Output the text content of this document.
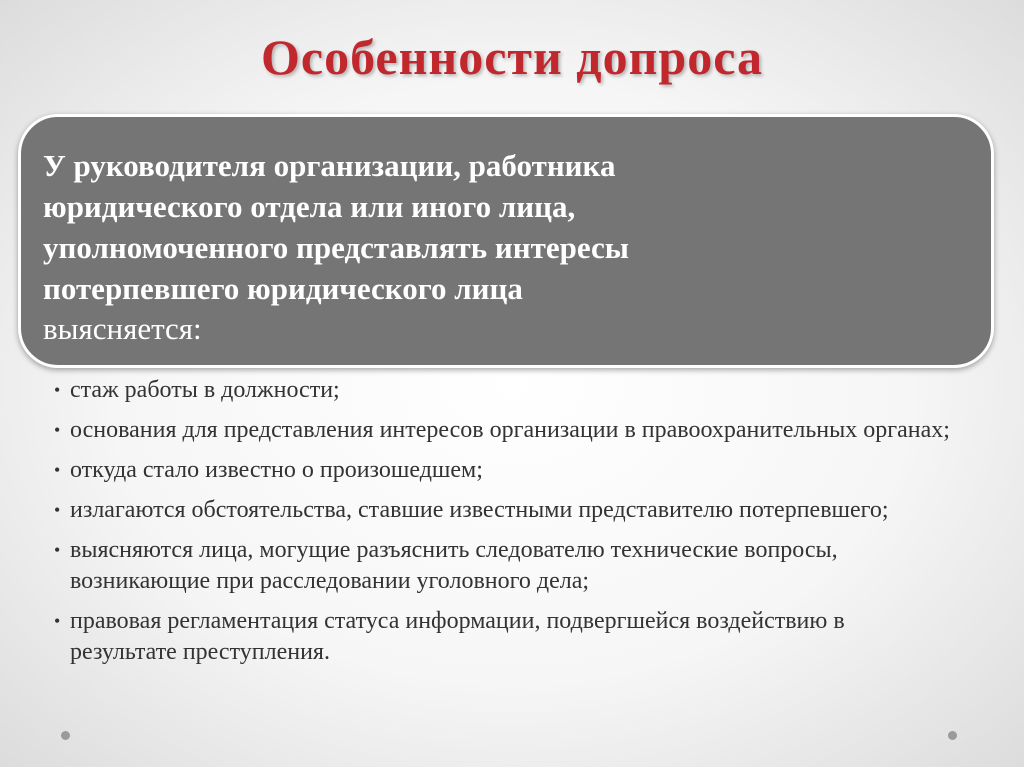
Особенности допроса

У руководителя организации, работника юридического отдела или иного лица, уполномоченного представлять интересы потерпевшего юридического лица

выясняется:

• стаж работы в должности;
• основания для представления интересов организации в правоохранительных органах;
• откуда стало известно о произошедшем;
• излагаются обстоятельства, ставшие известными представителю потерпевшего;
• выясняются лица, могущие разъяснить следователю технические вопросы, возникающие при расследовании уголовного дела;
• правовая регламентация статуса информации, подвергшейся воздействию в результате преступления.
